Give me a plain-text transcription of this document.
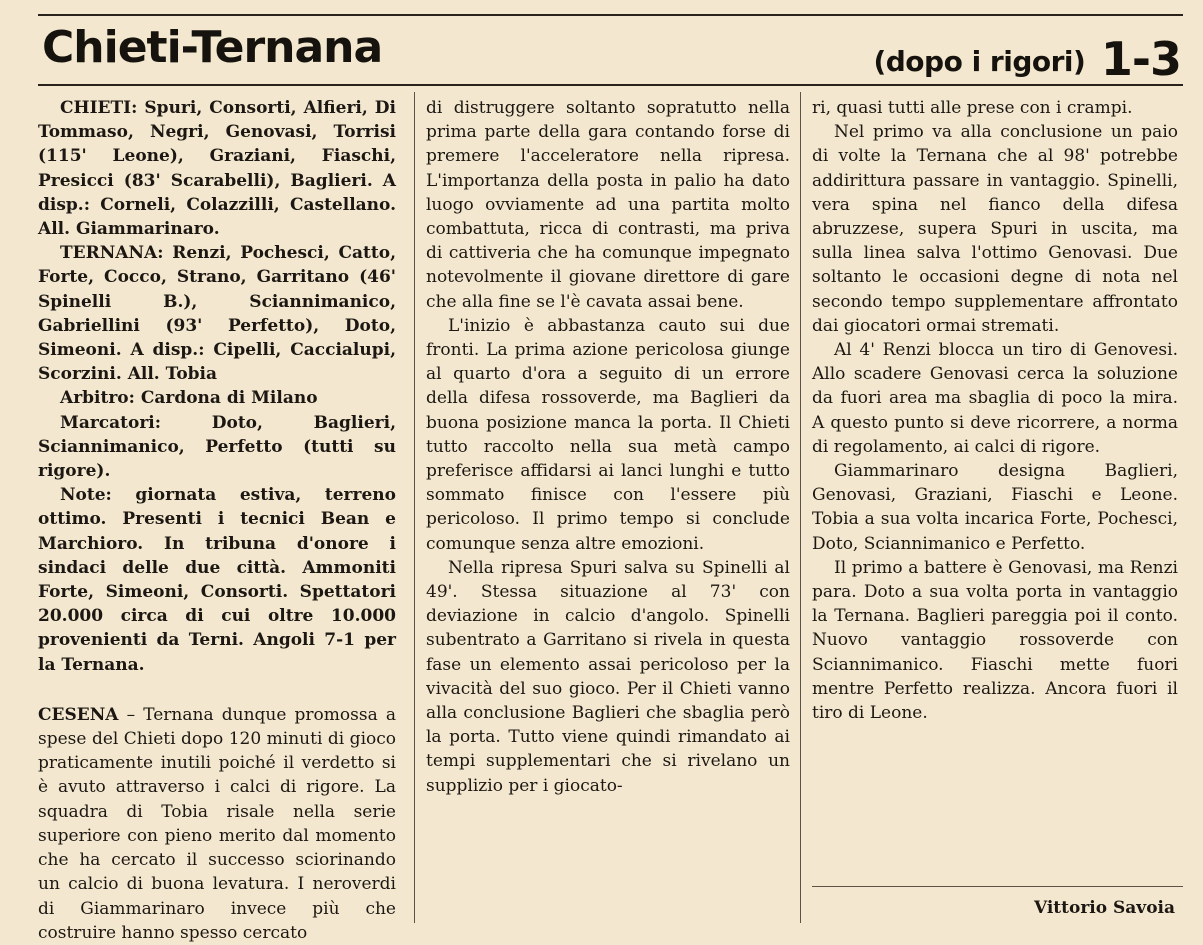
Chieti-Ternana	(dopo i rigori) 1-3

CHIETI: Spuri, Consorti, Alfieri, Di Tommaso, Negri, Genovasi, Torrisi (115' Leone), Graziani, Fiaschi, Presicci (83' Scarabelli), Baglieri. A disp.: Corneli, Colazzilli, Castellano. All. Giammarinaro.

TERNANA: Renzi, Pochesci, Catto, Forte, Cocco, Strano, Garritano (46' Spinelli B.), Sciannimanico, Gabriellini (93' Perfetto), Doto, Simeoni. A disp.: Cipelli, Caccialupi, Scorzini. All. Tobia

Arbitro: Cardona di Milano

Marcatori: Doto, Baglieri, Sciannimanico, Perfetto (tutti su rigore).

Note: giornata estiva, terreno ottimo. Presenti i tecnici Bean e Marchioro. In tribuna d'onore i sindaci delle due città. Ammoniti Forte, Simeoni, Consorti. Spettatori 20.000 circa di cui oltre 10.000 provenienti da Terni. Angoli 7-1 per la Ternana.

CESENA – Ternana dunque promossa a spese del Chieti dopo 120 minuti di gioco praticamente inutili poiché il verdetto si è avuto attraverso i calci di rigore. La squadra di Tobia risale nella serie superiore con pieno merito dal momento che ha cercato il successo sciorinando un calcio di buona levatura. I neroverdi di Giammarinaro invece più che costruire hanno spesso cercato

di distruggere soltanto sopratutto nella prima parte della gara contando forse di premere l'acceleratore nella ripresa. L'importanza della posta in palio ha dato luogo ovviamente ad una partita molto combattuta, ricca di contrasti, ma priva di cattiveria che ha comunque impegnato notevolmente il giovane direttore di gare che alla fine se l'è cavata assai bene.

L'inizio è abbastanza cauto sui due fronti. La prima azione pericolosa giunge al quarto d'ora a seguito di un errore della difesa rossoverde, ma Baglieri da buona posizione manca la porta. Il Chieti tutto raccolto nella sua metà campo preferisce affidarsi ai lanci lunghi e tutto sommato finisce con l'essere più pericoloso. Il primo tempo si conclude comunque senza altre emozioni.

Nella ripresa Spuri salva su Spinelli al 49'. Stessa situazione al 73' con deviazione in calcio d'angolo. Spinelli subentrato a Garritano si rivela in questa fase un elemento assai pericoloso per la vivacità del suo gioco. Per il Chieti vanno alla conclusione Baglieri che sbaglia però la porta. Tutto viene quindi rimandato ai tempi supplementari che si rivelano un supplizio per i giocato-

ri, quasi tutti alle prese con i crampi.

Nel primo va alla conclusione un paio di volte la Ternana che al 98' potrebbe addirittura passare in vantaggio. Spinelli, vera spina nel fianco della difesa abruzzese, supera Spuri in uscita, ma sulla linea salva l'ottimo Genovasi. Due soltanto le occasioni degne di nota nel secondo tempo supplementare affrontato dai giocatori ormai stremati.

Al 4' Renzi blocca un tiro di Genovesi. Allo scadere Genovasi cerca la soluzione da fuori area ma sbaglia di poco la mira. A questo punto si deve ricorrere, a norma di regolamento, ai calci di rigore.

Giammarinaro designa Baglieri, Genovasi, Graziani, Fiaschi e Leone. Tobia a sua volta incarica Forte, Pochesci, Doto, Sciannimanico e Perfetto.

Il primo a battere è Genovasi, ma Renzi para. Doto a sua volta porta in vantaggio la Ternana. Baglieri pareggia poi il conto. Nuovo vantaggio rossoverde con Sciannimanico. Fiaschi mette fuori mentre Perfetto realizza. Ancora fuori il tiro di Leone.

Vittorio Savoia
